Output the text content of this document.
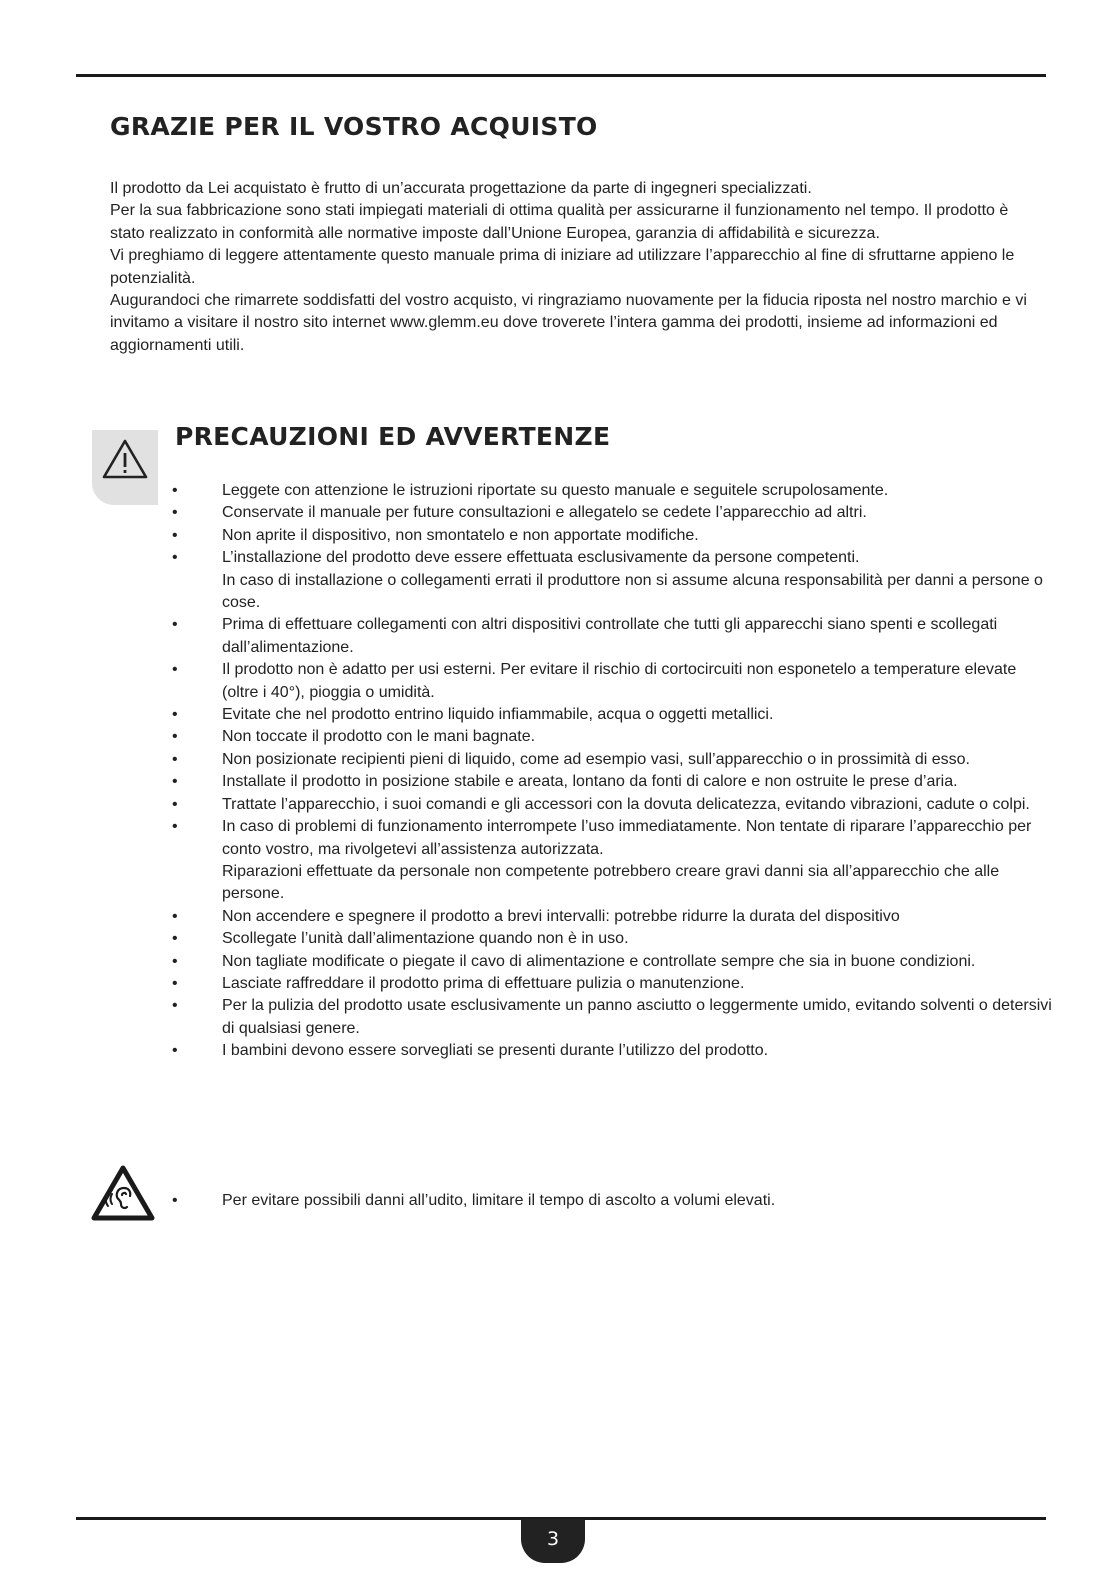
GRAZIE PER IL VOSTRO ACQUISTO

Il prodotto da Lei acquistato è frutto di un’accurata progettazione da parte di ingegneri specializzati.

Per la sua fabbricazione sono stati impiegati materiali di ottima qualità per assicurarne il funzionamento nel tempo. Il prodotto è stato realizzato in conformità alle normative imposte dall’Unione Europea, garanzia di affidabilità e sicurezza.

Vi preghiamo di leggere attentamente questo manuale prima di iniziare ad utilizzare l’apparecchio al fine di sfruttarne appieno le potenzialità.

Augurandoci che rimarrete soddisfatti del vostro acquisto, vi ringraziamo nuovamente per la fiducia riposta nel nostro marchio e vi invitamo a visitare il nostro sito internet www.glemm.eu dove troverete l’intera gamma dei prodotti, insieme ad informazioni ed aggiornamenti utili.

PRECAUZIONI ED AVVERTENZE
• Leggete con attenzione le istruzioni riportate su questo manuale e seguitele scrupolosamente.
• Conservate il manuale per future consultazioni e allegatelo se cedete l’apparecchio ad altri.
• Non aprite il dispositivo, non smontatelo e non apportate modifiche.
• L’installazione del prodotto deve essere effettuata esclusivamente da persone competenti.
In caso di installazione o collegamenti errati il produttore non si assume alcuna responsabilità per danni a persone o cose.
• Prima di effettuare collegamenti con altri dispositivi controllate che tutti gli apparecchi siano spenti e scollegati dall’alimentazione.
• Il prodotto non è adatto per usi esterni. Per evitare il rischio di cortocircuiti non esponetelo a temperature elevate (oltre i 40°), pioggia o umidità.
• Evitate che nel prodotto entrino liquido infiammabile, acqua o oggetti metallici.
• Non toccate il prodotto con le mani bagnate.
• Non posizionate recipienti pieni di liquido, come ad esempio vasi, sull’apparecchio o in prossimità di esso.
• Installate il prodotto in posizione stabile e areata, lontano da fonti di calore e non ostruite le prese d’aria.
• Trattate l’apparecchio, i suoi comandi e gli accessori con la dovuta delicatezza, evitando vibrazioni, cadute o colpi.
• In caso di problemi di funzionamento interrompete l’uso immediatamente. Non tentate di riparare l’apparecchio per conto vostro, ma rivolgetevi all’assistenza autorizzata.
Riparazioni effettuate da personale non competente potrebbero creare gravi danni sia all’apparecchio che alle persone.
• Non accendere e spegnere il prodotto a brevi intervalli: potrebbe ridurre la durata del dispositivo
• Scollegate l’unità dall’alimentazione quando non è in uso.
• Non tagliate modificate o piegate il cavo di alimentazione e controllate sempre che sia in buone condizioni.
• Lasciate raffreddare il prodotto prima di effettuare pulizia o manutenzione.
• Per la pulizia del prodotto usate esclusivamente un panno asciutto o leggermente umido, evitando solventi o detersivi di qualsiasi genere.
• I bambini devono essere sorvegliati se presenti durante l’utilizzo del prodotto.
• Per evitare possibili danni all’udito, limitare il tempo di ascolto a volumi elevati.
3
